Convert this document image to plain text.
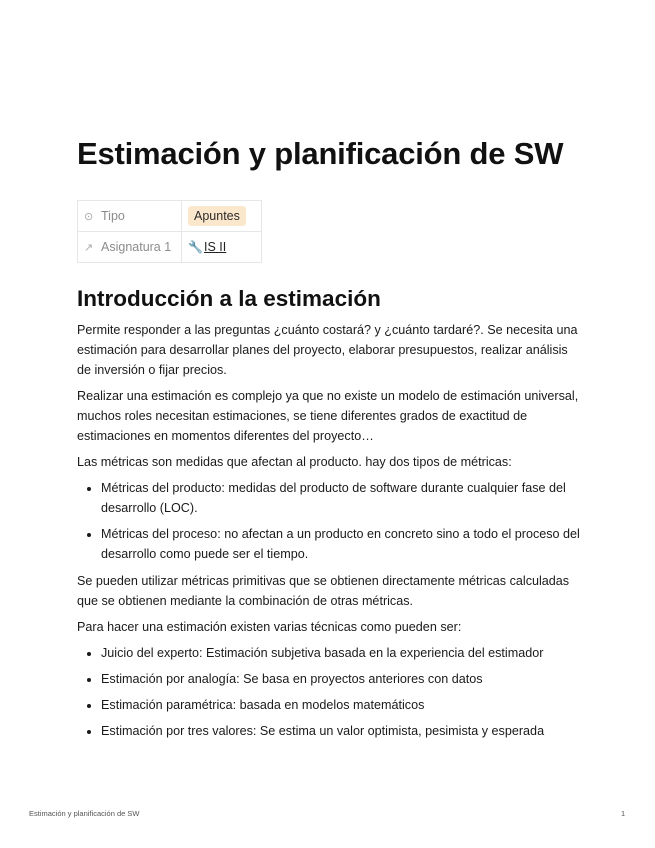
Estimación y planificación de SW
⊙ Tipo	Apuntes
↗ Asignatura 1	🔧IS II
Introducción a la estimación

Permite responder a las preguntas ¿cuánto costará? y ¿cuánto tardaré?. Se necesita una estimación para desarrollar planes del proyecto, elaborar presupuestos, realizar análisis de inversión o fijar precios.

Realizar una estimación es complejo ya que no existe un modelo de estimación universal, muchos roles necesitan estimaciones, se tiene diferentes grados de exactitud de estimaciones en momentos diferentes del proyecto…

Las métricas son medidas que afectan al producto. hay dos tipos de métricas:

• Métricas del producto: medidas del producto de software durante cualquier fase del desarrollo (LOC).
• Métricas del proceso: no afectan a un producto en concreto sino a todo el proceso del desarrollo como puede ser el tiempo.

Se pueden utilizar métricas primitivas que se obtienen directamente métricas calculadas que se obtienen mediante la combinación de otras métricas.

Para hacer una estimación existen varias técnicas como pueden ser:

• Juicio del experto: Estimación subjetiva basada en la experiencia del estimador
• Estimación por analogía: Se basa en proyectos anteriores con datos
• Estimación paramétrica: basada en modelos matemáticos
• Estimación por tres valores: Se estima un valor optimista, pesimista y esperada
Estimación y planificación de SW	1
